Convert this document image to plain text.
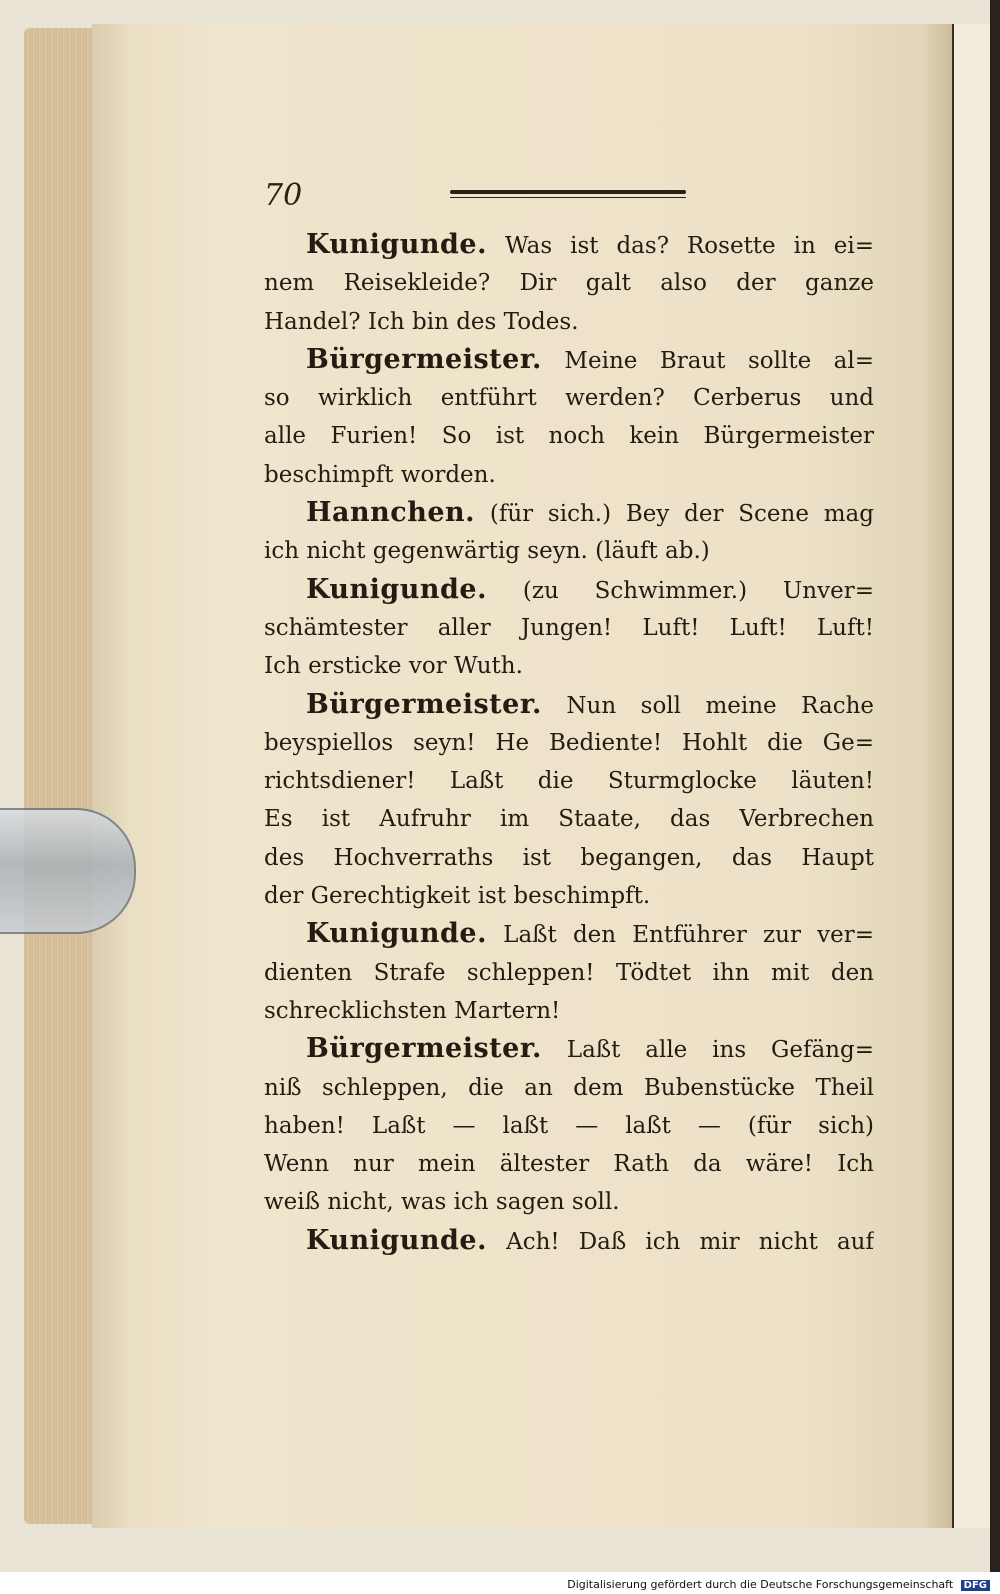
70
Kunigunde. Was ist das? Rosette in ei=
nem Reisekleide? Dir galt also der ganze
Handel? Ich bin des Todes.
Bürgermeister. Meine Braut sollte al=
so wirklich entführt werden? Cerberus und
alle Furien! So ist noch kein Bürgermeister
beschimpft worden.
Hannchen. (für sich.) Bey der Scene mag
ich nicht gegenwärtig seyn. (läuft ab.)
Kunigunde. (zu Schwimmer.) Unver=
schämtester aller Jungen! Luft! Luft! Luft!
Ich ersticke vor Wuth.
Bürgermeister. Nun soll meine Rache
beyspiellos seyn! He Bediente! Hohlt die Ge=
richtsdiener! Laßt die Sturmglocke läuten!
Es ist Aufruhr im Staate, das Verbrechen
des Hochverraths ist begangen, das Haupt
der Gerechtigkeit ist beschimpft.
Kunigunde. Laßt den Entführer zur ver=
dienten Strafe schleppen! Tödtet ihn mit den
schrecklichsten Martern!
Bürgermeister. Laßt alle ins Gefäng=
niß schleppen, die an dem Bubenstücke Theil
haben! Laßt — laßt — laßt — (für sich)
Wenn nur mein ältester Rath da wäre! Ich
weiß nicht, was ich sagen soll.
Kunigunde. Ach! Daß ich mir nicht auf
Digitalisierung gefördert durch die Deutsche Forschungsgemeinschaft DFG
